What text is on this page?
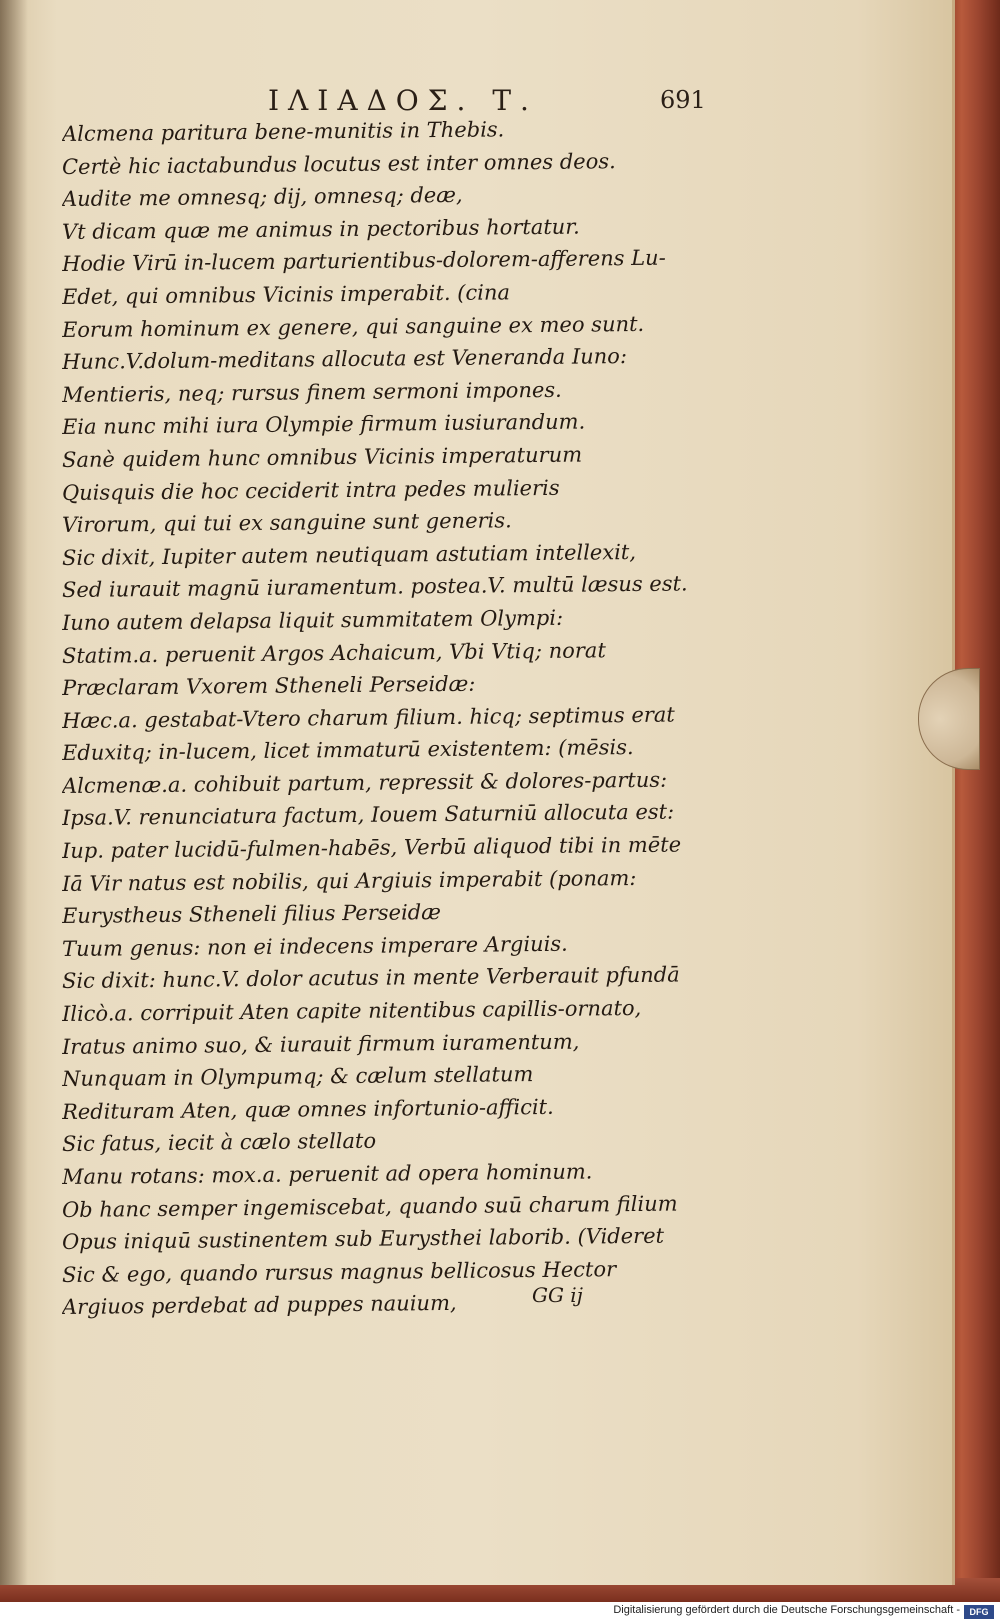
ΙΛΙΑΔΟΣ. Τ.	691
Alcmena paritura bene-munitis in Thebis.
Certè hic iactabundus locutus est inter omnes deos.
Audite me omnesq; dij, omnesq; deæ,
Vt dicam quæ me animus in pectoribus hortatur.
Hodie Virū in-lucem parturientibus-dolorem-afferens Lu-
Edet, qui omnibus Vicinis imperabit. (cina
Eorum hominum ex genere, qui sanguine ex meo sunt.
Hunc.V.dolum-meditans allocuta est Veneranda Iuno:
Mentieris, neq; rursus finem sermoni impones.
Eia nunc mihi iura Olympie firmum iusiurandum.
Sanè quidem hunc omnibus Vicinis imperaturum
Quisquis die hoc ceciderit intra pedes mulieris
Virorum, qui tui ex sanguine sunt generis.
Sic dixit, Iupiter autem neutiquam astutiam intellexit,
Sed iurauit magnū iuramentum. postea.V. multū læsus est.
Iuno autem delapsa liquit summitatem Olympi:
Statim.a. peruenit Argos Achaicum, Vbi Vtiq; norat
Præclaram Vxorem Stheneli Perseidæ:
Hæc.a. gestabat-Vtero charum filium. hicq; septimus erat
Eduxitq; in-lucem, licet immaturū existentem: (mēsis.
Alcmenæ.a. cohibuit partum, repressit & dolores-partus:
Ipsa.V. renunciatura factum, Iouem Saturniū allocuta est:
Iup. pater lucidū-fulmen-habēs, Verbū aliquod tibi in mēte
Iā Vir natus est nobilis, qui Argiuis imperabit (ponam:
Eurystheus Stheneli filius Perseidæ
Tuum genus: non ei indecens imperare Argiuis.
Sic dixit: hunc.V. dolor acutus in mente Verberauit pfundā
Ilicò.a. corripuit Aten capite nitentibus capillis-ornato,
Iratus animo suo, & iurauit firmum iuramentum,
Nunquam in Olympumq; & cælum stellatum
Redituram Aten, quæ omnes infortunio-afficit.
Sic fatus, iecit à cælo stellato
Manu rotans: mox.a. peruenit ad opera hominum.
Ob hanc semper ingemiscebat, quando suū charum filium
Opus iniquū sustinentem sub Eurysthei laborib. (Videret
Sic & ego, quando rursus magnus bellicosus Hector
Argiuos perdebat ad puppes nauium,	GG ij
Digitalisierung gefördert durch die Deutsche Forschungsgemeinschaft -	DFG
